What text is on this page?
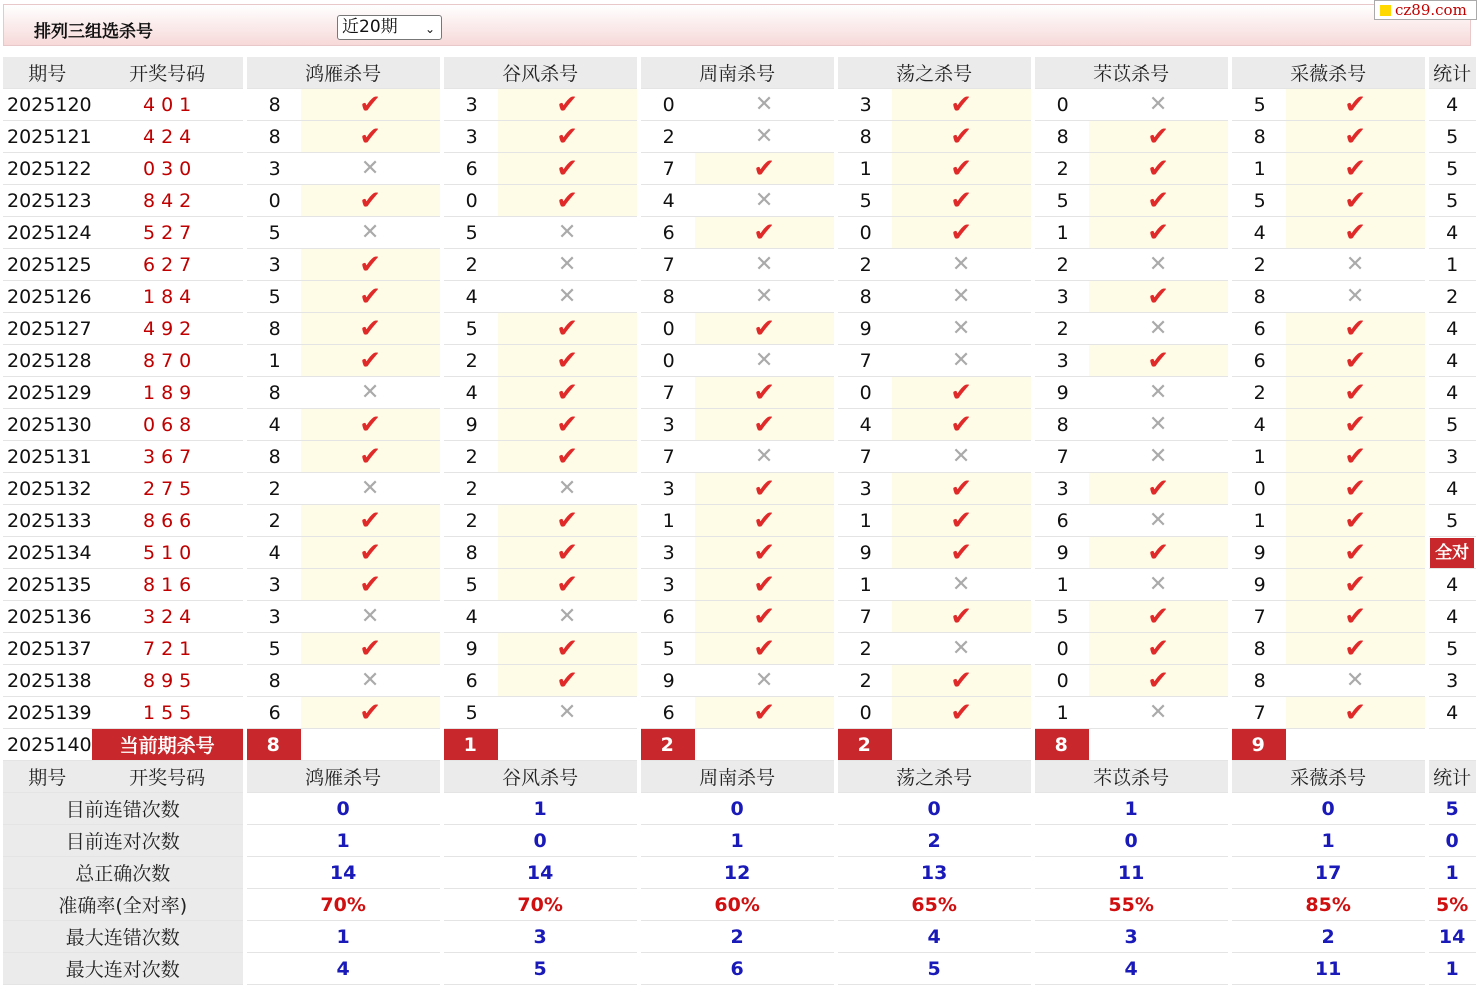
排列三组选杀号	近20期 ⌄
cz89.com
期号	开奖号码		鸿雁杀号			谷风杀号			周南杀号			荡之杀号			芣苡杀号			采薇杀号			统计
2025120	401		8	✔		3	✔		0	✕		3	✔		0	✕		5	✔		4
2025121	424		8	✔		3	✔		2	✕		8	✔		8	✔		8	✔		5
2025122	030		3	✕		6	✔		7	✔		1	✔		2	✔		1	✔		5
2025123	842		0	✔		0	✔		4	✕		5	✔		5	✔		5	✔		5
2025124	527		5	✕		5	✕		6	✔		0	✔		1	✔		4	✔		4
2025125	627		3	✔		2	✕		7	✕		2	✕		2	✕		2	✕		1
2025126	184		5	✔		4	✕		8	✕		8	✕		3	✔		8	✕		2
2025127	492		8	✔		5	✔		0	✔		9	✕		2	✕		6	✔		4
2025128	870		1	✔		2	✔		0	✕		7	✕		3	✔		6	✔		4
2025129	189		8	✕		4	✔		7	✔		0	✔		9	✕		2	✔		4
2025130	068		4	✔		9	✔		3	✔		4	✔		8	✕		4	✔		5
2025131	367		8	✔		2	✔		7	✕		7	✕		7	✕		1	✔		3
2025132	275		2	✕		2	✕		3	✔		3	✔		3	✔		0	✔		4
2025133	866		2	✔		2	✔		1	✔		1	✔		6	✕		1	✔		5
2025134	510		4	✔		8	✔		3	✔		9	✔		9	✔		9	✔		全对
2025135	816		3	✔		5	✔		3	✔		1	✕		1	✕		9	✔		4
2025136	324		3	✕		4	✕		6	✔		7	✔		5	✔		7	✔		4
2025137	721		5	✔		9	✔		5	✔		2	✕		0	✔		8	✔		5
2025138	895		8	✕		6	✔		9	✕		2	✔		0	✔		8	✕		3
2025139	155		6	✔		5	✕		6	✔		0	✔		1	✕		7	✔		4
2025140	当前期杀号		8			1			2			2			8			9			
期号	开奖号码		鸿雁杀号			谷风杀号			周南杀号			荡之杀号			芣苡杀号			采薇杀号			统计
目前连错次数			0			1			0			0			1			0			5
目前连对次数			1			0			1			2			0			1			0
总正确次数			14			14			12			13			11			17			1
准确率(全对率)			70%			70%			60%			65%			55%			85%			5%
最大连错次数			1			3			2			4			3			2			14
最大连对次数			4			5			6			5			4			11			1
